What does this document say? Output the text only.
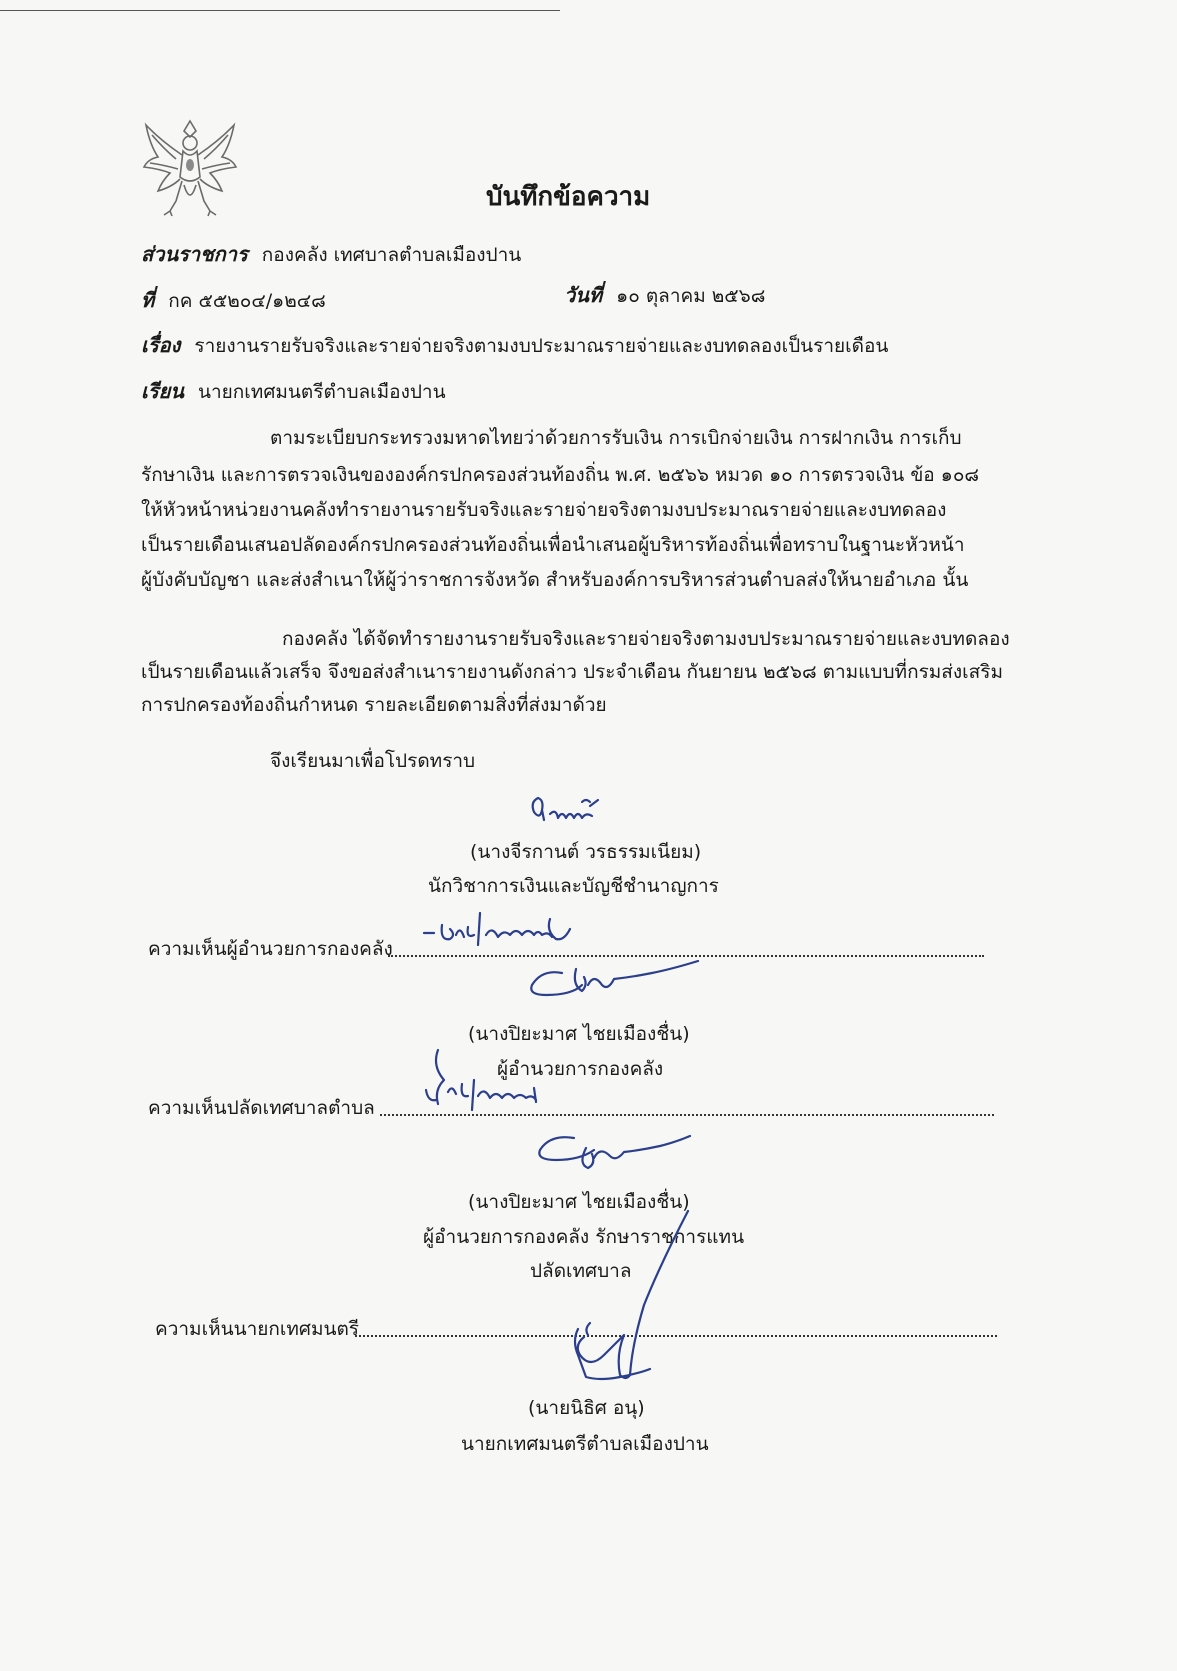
บันทึกข้อความ
ส่วนราชการ กองคลัง เทศบาลตำบลเมืองปาน
ที่ กค ๕๕๒๐๔/๑๒๔๘	วันที่ ๑๐ ตุลาคม ๒๕๖๘
เรื่อง รายงานรายรับจริงและรายจ่ายจริงตามงบประมาณรายจ่ายและงบทดลองเป็นรายเดือน
เรียน นายกเทศมนตรีตำบลเมืองปาน
ตามระเบียบกระทรวงมหาดไทยว่าด้วยการรับเงิน การเบิกจ่ายเงิน การฝากเงิน การเก็บ
รักษาเงิน และการตรวจเงินขององค์กรปกครองส่วนท้องถิ่น พ.ศ. ๒๕๖๖ หมวด ๑๐ การตรวจเงิน ข้อ ๑๐๘
ให้หัวหน้าหน่วยงานคลังทำรายงานรายรับจริงและรายจ่ายจริงตามงบประมาณรายจ่ายและงบทดลอง
เป็นรายเดือนเสนอปลัดองค์กรปกครองส่วนท้องถิ่นเพื่อนำเสนอผู้บริหารท้องถิ่นเพื่อทราบในฐานะหัวหน้า
ผู้บังคับบัญชา และส่งสำเนาให้ผู้ว่าราชการจังหวัด สำหรับองค์การบริหารส่วนตำบลส่งให้นายอำเภอ นั้น
กองคลัง ได้จัดทำรายงานรายรับจริงและรายจ่ายจริงตามงบประมาณรายจ่ายและงบทดลอง
เป็นรายเดือนแล้วเสร็จ จึงขอส่งสำเนารายงานดังกล่าว ประจำเดือน กันยายน ๒๕๖๘ ตามแบบที่กรมส่งเสริม
การปกครองท้องถิ่นกำหนด รายละเอียดตามสิ่งที่ส่งมาด้วย
จึงเรียนมาเพื่อโปรดทราบ
(นางจีรกานต์ วรธรรมเนียม)
นักวิชาการเงินและบัญชีชำนาญการ
ความเห็นผู้อำนวยการกองคลัง
(นางปิยะมาศ ไชยเมืองชื่น)
ผู้อำนวยการกองคลัง
ความเห็นปลัดเทศบาลตำบล
(นางปิยะมาศ ไชยเมืองชื่น)
ผู้อำนวยการกองคลัง รักษาราชการแทน
ปลัดเทศบาล
ความเห็นนายกเทศมนตรี
(นายนิธิศ อนุ)
นายกเทศมนตรีตำบลเมืองปาน
